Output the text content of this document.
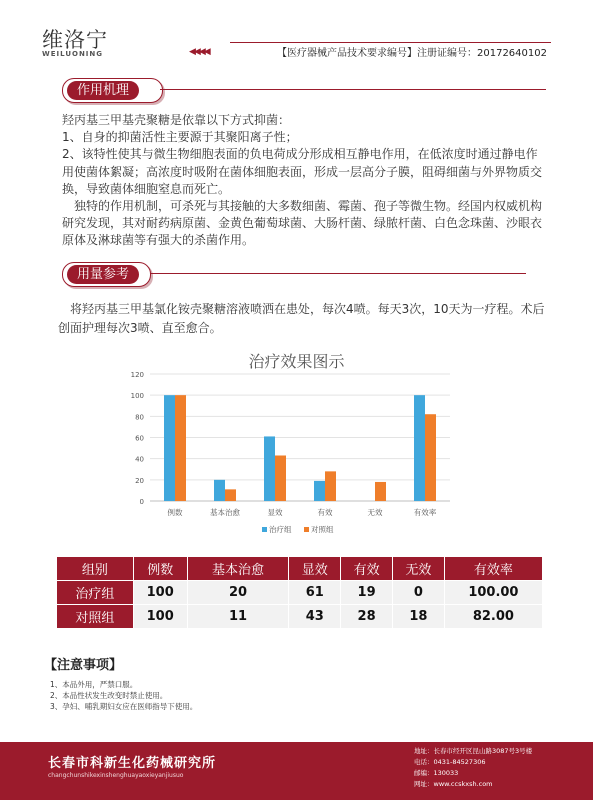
维洛宁
WEILUONING	◀◀◀◀	【医疗器械产品技术要求编号】注册证编号：20172640102
作用机理

羟丙基三甲基壳聚糖是依靠以下方式抑菌：

1、自身的抑菌活性主要源于其聚阳离子性；

2、该特性使其与微生物细胞表面的负电荷成分形成相互静电作用，在低浓度时通过静电作用使菌体絮凝；高浓度时吸附在菌体细胞表面，形成一层高分子膜，阻碍细菌与外界物质交换，导致菌体细胞窒息而死亡。

　独特的作用机制，可杀死与其接触的大多数细菌、霉菌、孢子等微生物。经国内权威机构研究发现，其对耐药病原菌、金黄色葡萄球菌、大肠杆菌、绿脓杆菌、白色念珠菌、沙眼衣原体及淋球菌等有强大的杀菌作用。

用量参考
　将羟丙基三甲基氯化铵壳聚糖溶液喷洒在患处，每次4喷。每天3次，10天为一疗程。术后创面护理每次3喷、直至愈合。
治疗效果图示
0
20
40
60
80
100
120
例数	基本治愈	显效	有效	无效	有效率
治疗组	对照组
组别	例数	基本治愈	显效	有效	无效	有效率
治疗组	100	20	61	19	0	100.00
对照组	100	11	43	28	18	82.00
【注意事项】

1、本品外用，严禁口服。

2、本品性状发生改变时禁止使用。

3、孕妇、哺乳期妇女应在医师指导下使用。

长春市科新生化药械研究所
changchunshikexinshenghuayaoxieyanjiusuo

地址：长春市经开区昆山路3087号3号楼

电话：0431-84527306

邮编：130033

网址：www.ccskxsh.com
